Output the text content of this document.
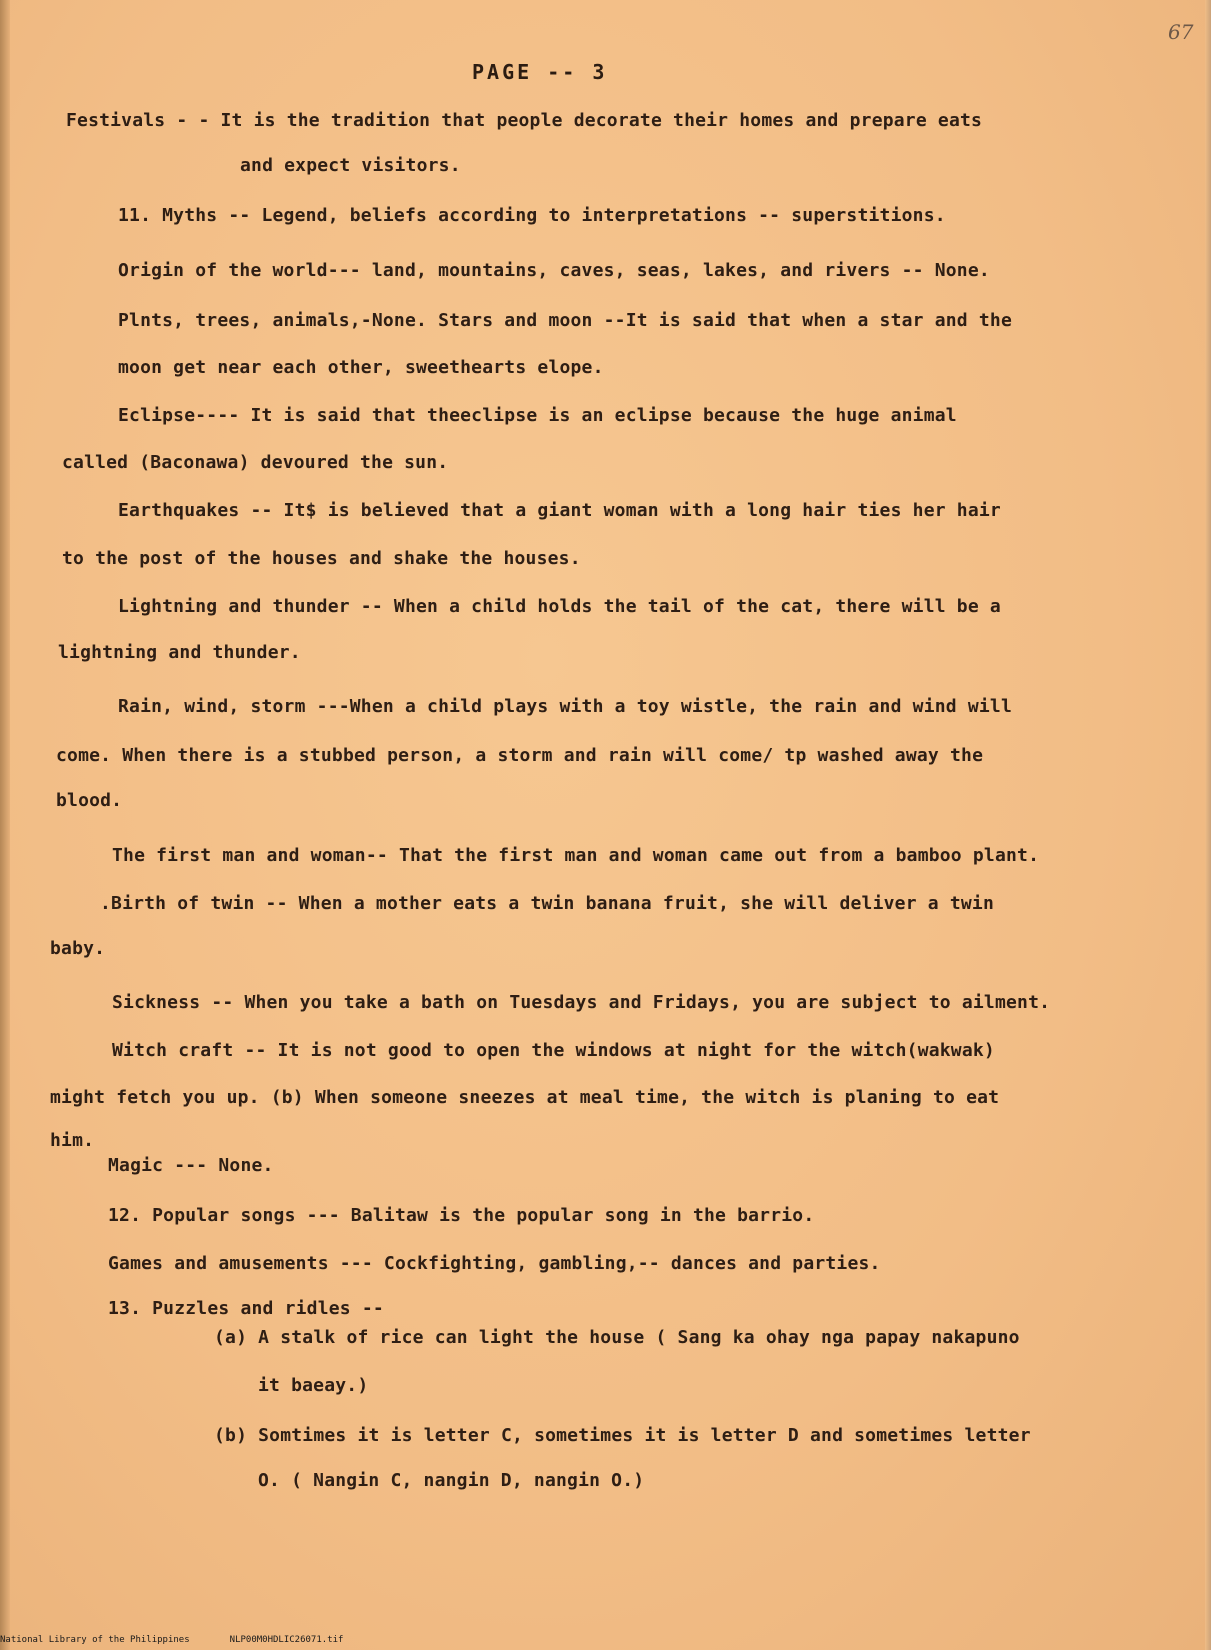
67
PAGE -- 3
Festivals - - It is the tradition that people decorate their homes and prepare eats
and expect visitors.
11. Myths -- Legend, beliefs according to interpretations -- superstitions.
Origin of the world--- land, mountains, caves, seas, lakes, and rivers -- None.
Plnts, trees, animals,-None. Stars and moon --It is said that when a star and the
moon get near each other, sweethearts elope.
Eclipse---- It is said that theeclipse is an eclipse because the huge animal
called (Baconawa) devoured the sun.
Earthquakes -- It$ is believed that a giant woman with a long hair ties her hair
to the post of the houses and shake the houses.
Lightning and thunder -- When a child holds the tail of the cat, there will be a
lightning and thunder.
Rain, wind, storm ---When a child plays with a toy wistle, the rain and wind will
come. When there is a stubbed person, a storm and rain will come/ tp washed away the
blood.
The first man and woman-- That the first man and woman came out from a bamboo plant.
.Birth of twin -- When a mother eats a twin banana fruit, she will deliver a twin
baby.
Sickness -- When you take a bath on Tuesdays and Fridays, you are subject to ailment.
Witch craft -- It is not good to open the windows at night for the witch(wakwak)
might fetch you up. (b) When someone sneezes at meal time, the witch is planing to eat
him.
Magic --- None.
12. Popular songs --- Balitaw is the popular song in the barrio.
Games and amusements --- Cockfighting, gambling,-- dances and parties.
13. Puzzles and ridles --
(a) A stalk of rice can light the house ( Sang ka ohay nga papay nakapuno
it baeay.)
(b) Somtimes it is letter C, sometimes it is letter D and sometimes letter
O. ( Nangin C, nangin D, nangin O.)
National Library of the Philippines	NLP00M0HDLIC26071.tif
